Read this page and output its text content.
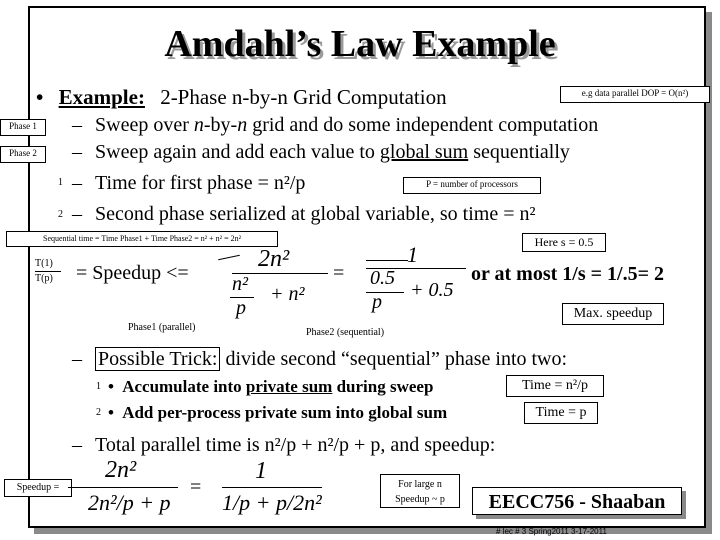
Amdahl’s Law Example
• Example: 2-Phase n-by-n Grid Computation	e.g data parallel DOP = O(n²)
Phase 1	– Sweep over n-by-n grid and do some independent computation
Phase 2	– Sweep again and add each value to global sum sequentially
1 – Time for first phase = n²/p	P = number of processors
2 – Second phase serialized at global variable, so time = n²
Sequential time = Time Phase1 + Time Phase2 = n² + n² = 2n²	Here s = 0.5
T(1)
T(p) = Speedup <=
2n²
n²
p
+ n²
=
1
0.5
p
+ 0.5
or at most 1/s = 1/.5= 2
Max. speedup
Phase1 (parallel)	Phase2 (sequential)
– Possible Trick: divide second “sequential” phase into two:
1 • Accumulate into private sum during sweep	Time = n²/p
2 • Add per-process private sum into global sum	Time = p
– Total parallel time is n²/p + n²/p + p, and speedup:
Speedup =
2n²
2n²/p + p
=
1
1/p + p/2n²
For large n
Speedup ~ p	EECC756 - Shaaban
# lec # 3 Spring2011 3-17-2011
